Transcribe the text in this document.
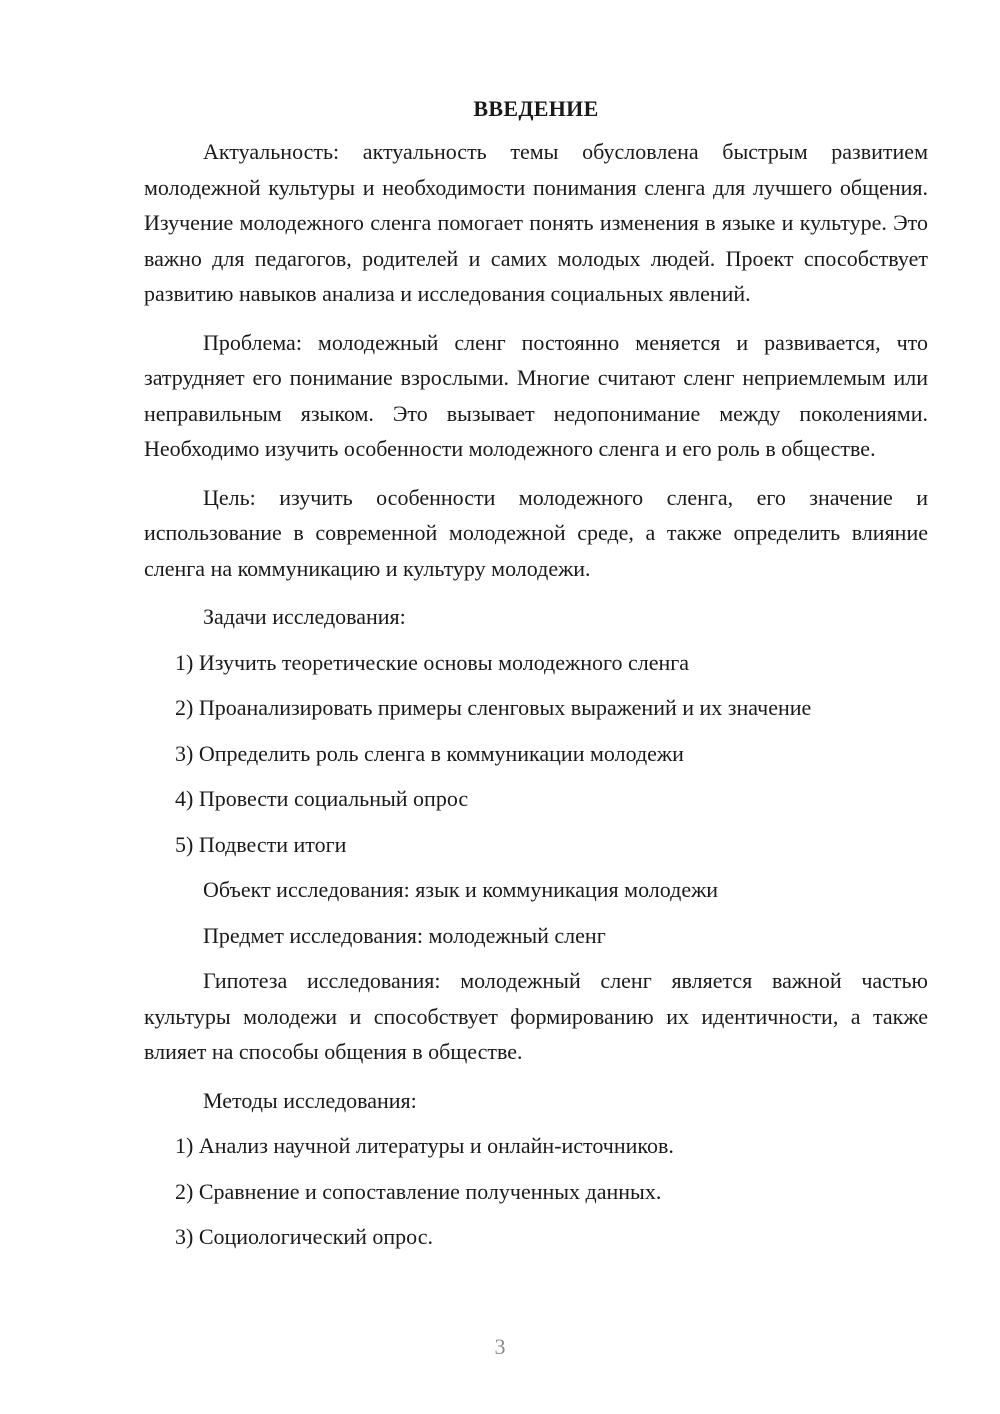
ВВЕДЕНИЕ

Актуальность: актуальность темы обусловлена быстрым развитием молодежной культуры и необходимости понимания сленга для лучшего общения. Изучение молодежного сленга помогает понять изменения в языке и культуре. Это важно для педагогов, родителей и самих молодых людей. Проект способствует развитию навыков анализа и исследования социальных явлений.

Проблема: молодежный сленг постоянно меняется и развивается, что затрудняет его понимание взрослыми. Многие считают сленг неприемлемым или неправильным языком. Это вызывает недопонимание между поколениями. Необходимо изучить особенности молодежного сленга и его роль в обществе.

Цель: изучить особенности молодежного сленга, его значение и использование в современной молодежной среде, а также определить влияние сленга на коммуникацию и культуру молодежи.

Задачи исследования:
1) Изучить теоретические основы молодежного сленга
2) Проанализировать примеры сленговых выражений и их значение
3) Определить роль сленга в коммуникации молодежи
4) Провести социальный опрос
5) Подвести итоги
Объект исследования: язык и коммуникация молодежи
Предмет исследования: молодежный сленг

Гипотеза исследования: молодежный сленг является важной частью культуры молодежи и способствует формированию их идентичности, а также влияет на способы общения в обществе.

Методы исследования:
1) Анализ научной литературы и онлайн-источников.
2) Сравнение и сопоставление полученных данных.
3) Социологический опрос.
3
